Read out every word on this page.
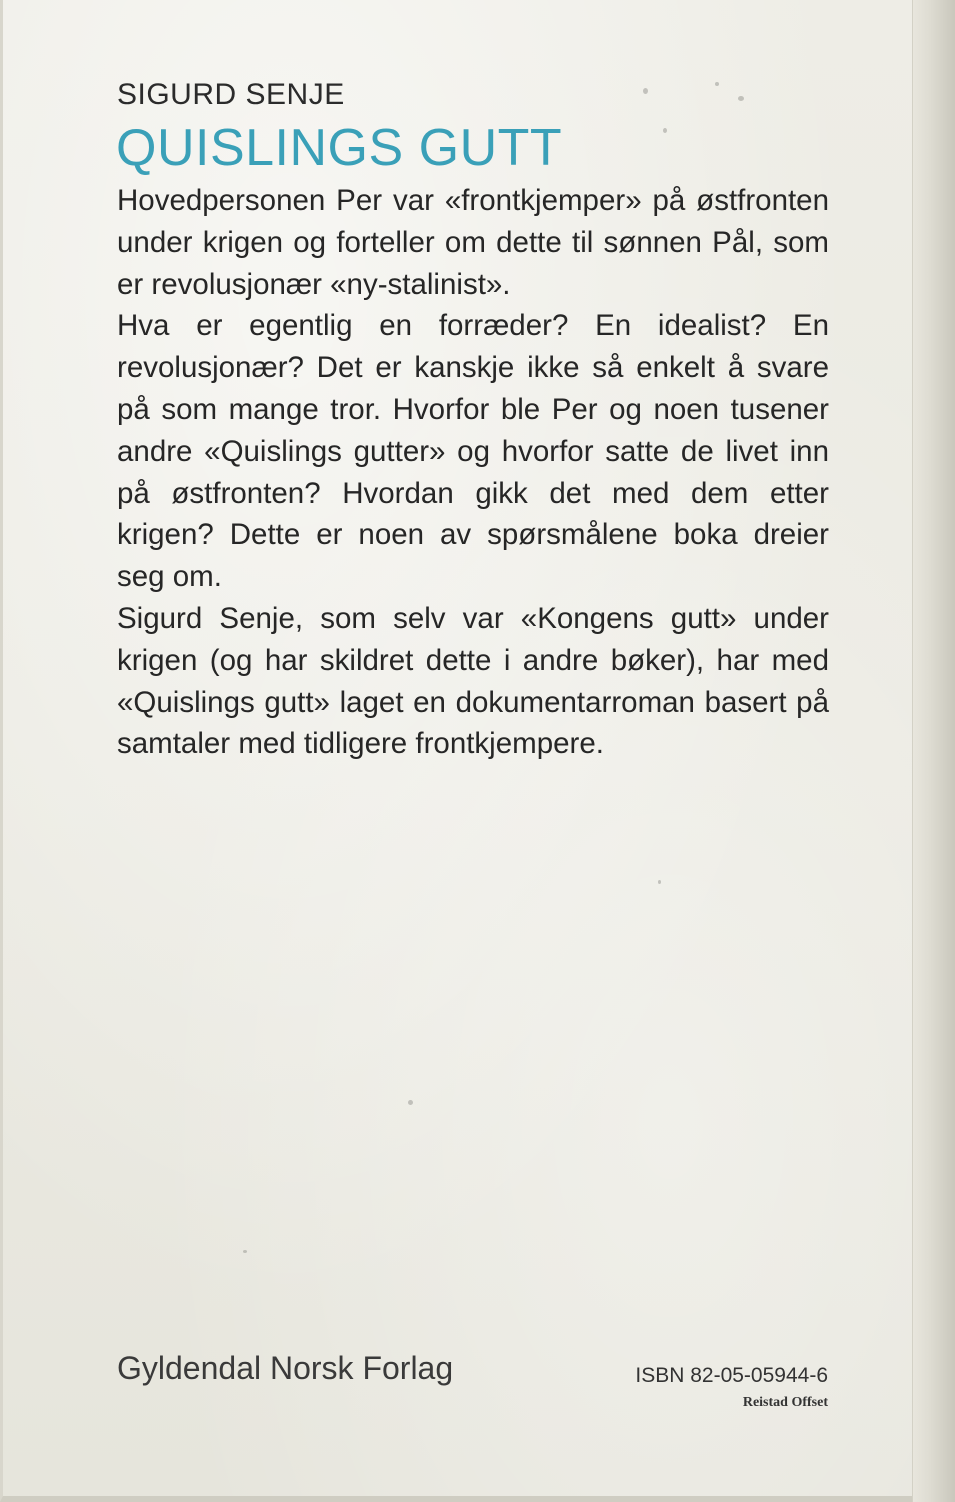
SIGURD SENJE
QUISLINGS GUTT

Hovedpersonen Per var «frontkjemper» på østfronten under krigen og forteller om dette til sønnen Pål, som er revolusjonær «ny-stalinist».

Hva er egentlig en forræder? En idealist? En revolusjonær? Det er kanskje ikke så enkelt å svare på som mange tror. Hvorfor ble Per og noen tusener andre «Quislings gutter» og hvorfor satte de livet inn på østfronten? Hvordan gikk det med dem etter krigen? Dette er noen av spørsmålene boka dreier seg om.

Sigurd Senje, som selv var «Kongens gutt» under krigen (og har skildret dette i andre bøker), har med «Quislings gutt» laget en dokumentarroman basert på samtaler med tidligere frontkjempere.

Gyldendal Norsk Forlag	ISBN 82-05-05944-6
Reistad Offset
